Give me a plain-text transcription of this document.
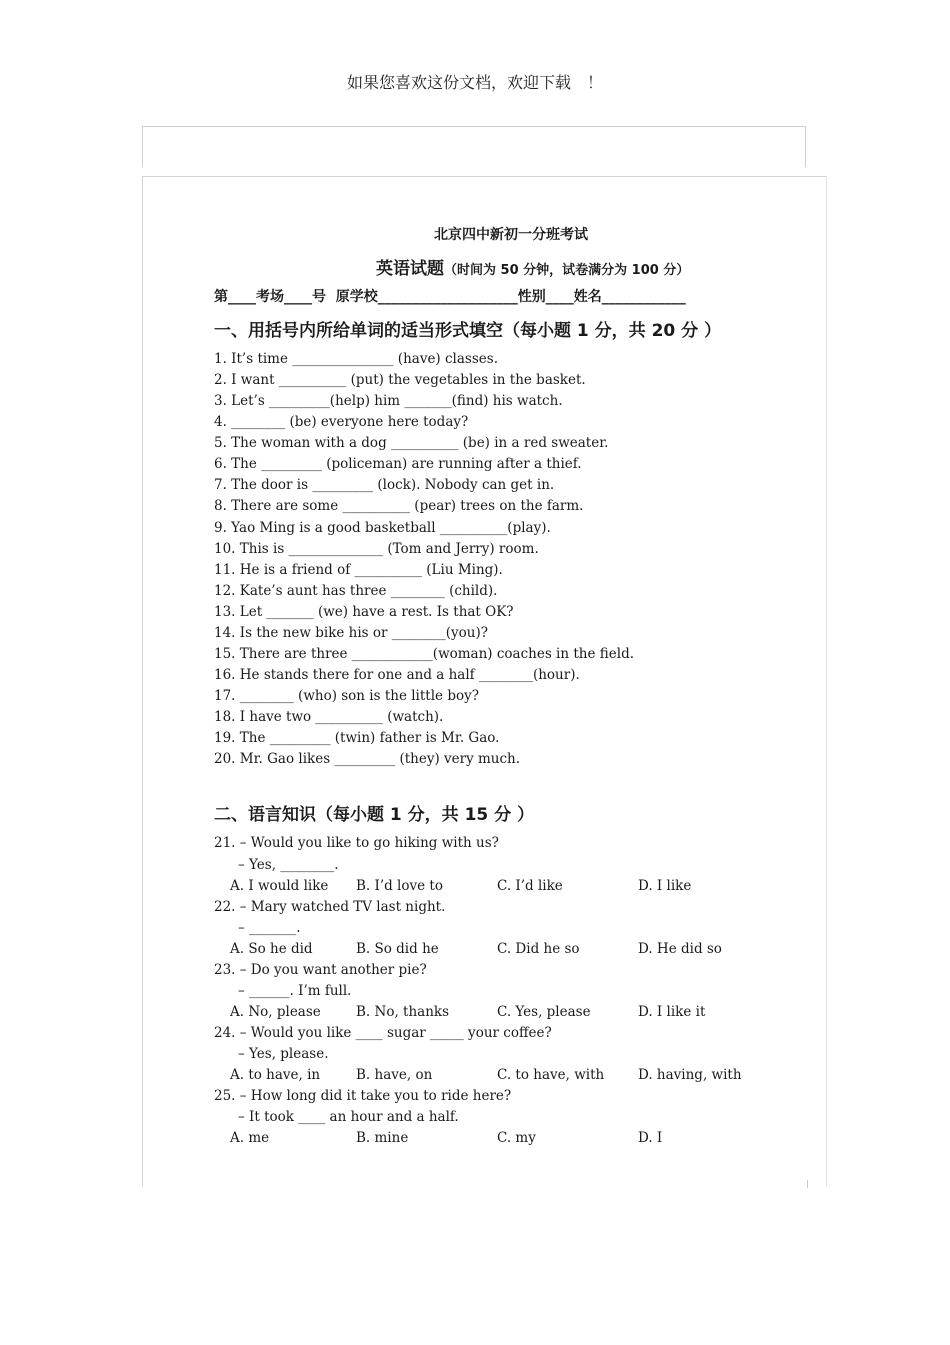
如果您喜欢这份文档，欢迎下载　！
北京四中新初一分班考试
英语试题（时间为 50 分钟，试卷满分为 100 分）
第____考场____号  原学校____________________性别____姓名____________
一、用括号内所给单词的适当形式填空（每小题 1 分，共 20 分 ）
1. It’s time _______________ (have) classes.
2. I want __________ (put) the vegetables in the basket.
3. Let’s _________(help) him _______(find) his watch.
4. ________ (be) everyone here today?
5. The woman with a dog __________ (be) in a red sweater.
6. The _________ (policeman) are running after a thief.
7. The door is _________ (lock). Nobody can get in.
8. There are some __________ (pear) trees on the farm.
9. Yao Ming is a good basketball __________(play).
10. This is ______________ (Tom and Jerry) room.
11. He is a friend of __________ (Liu Ming).
12. Kate’s aunt has three ________ (child).
13. Let _______ (we) have a rest. Is that OK?
14. Is the new bike his or ________(you)?
15. There are three ____________(woman) coaches in the field.
16. He stands there for one and a half ________(hour).
17. ________ (who) son is the little boy?
18. I have two __________ (watch).
19. The _________ (twin) father is Mr. Gao.
20. Mr. Gao likes _________ (they) very much.
二、语言知识（每小题 1 分，共 15 分 ）
21. – Would you like to go hiking with us?
– Yes, ________.
A. I would like B. I’d love to	C. I’d like	D. I like
22. – Mary watched TV last night.
– _______.
A. So he did	B. So did he	C. Did he so	D. He did so
23. – Do you want another pie?
– ______. I’m full.
A. No, please	B. No, thanks	C. Yes, please	D. I like it
24. – Would you like ____ sugar _____ your coffee?
– Yes, please.
A. to have, in	B. have, on	C. to have, with	D. having, with
25. – How long did it take you to ride here?
– It took ____ an hour and a half.
A. me	B. mine	C. my	D. I
